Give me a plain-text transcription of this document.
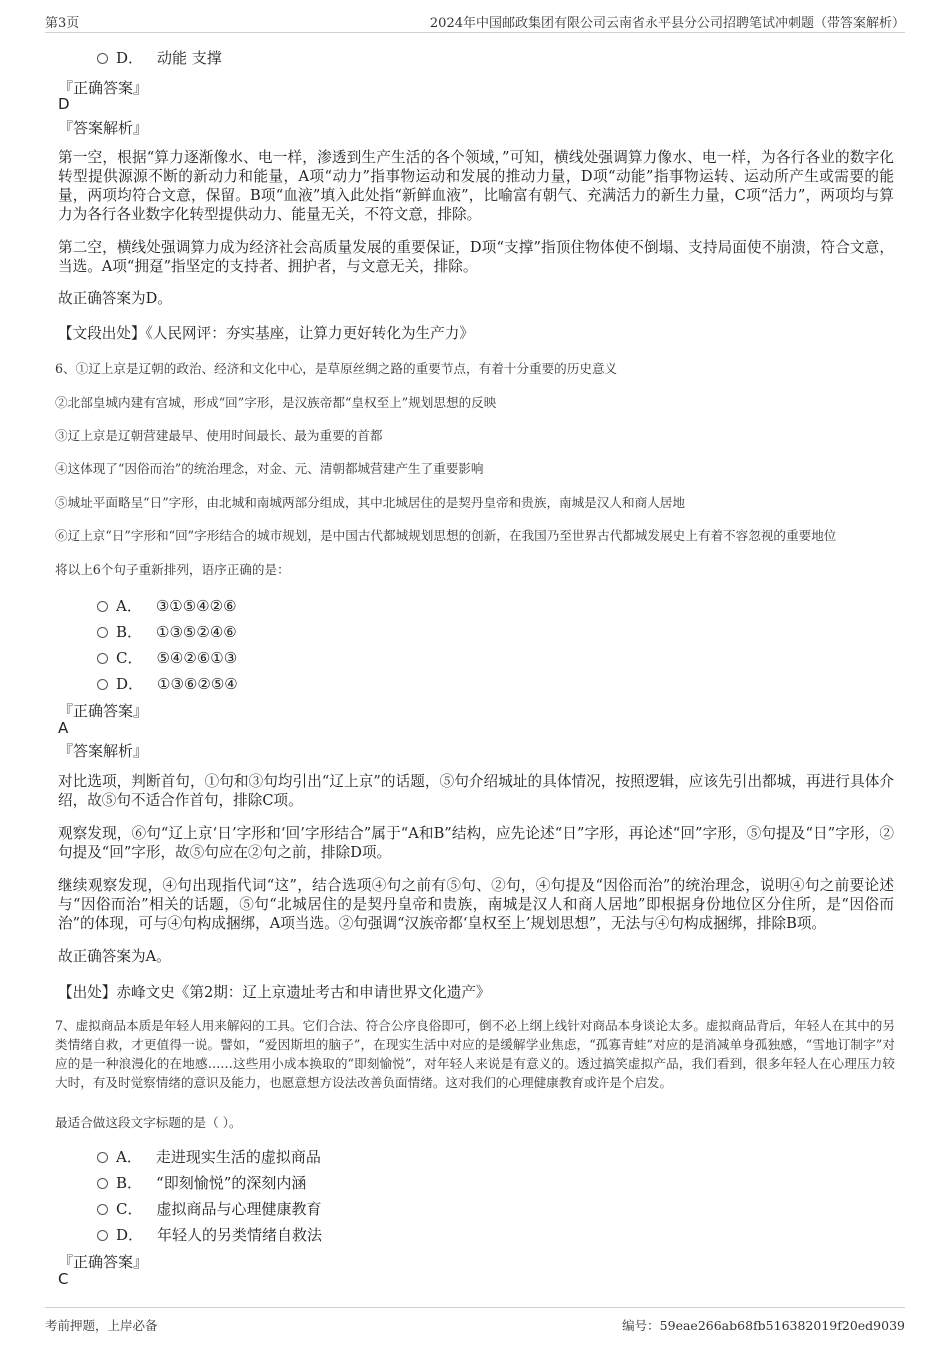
第3页	2024年中国邮政集团有限公司云南省永平县分公司招聘笔试冲刺题（带答案解析）
D． 动能 支撑
『正确答案』
D
『答案解析』
第一空，根据“算力逐渐像水、电一样，渗透到生产生活的各个领域，”可知，横线处强调算力像水、电一样，为各行各业的数字化转型提供源源不断的新动力和能量，A项“动力”指事物运动和发展的推动力量，D项“动能”指事物运转、运动所产生或需要的能量，两项均符合文意，保留。B项“血液”填入此处指“新鲜血液”，比喻富有朝气、充满活力的新生力量，C项“活力”，两项均与算力为各行各业数字化转型提供动力、能量无关，不符文意，排除。
第二空，横线处强调算力成为经济社会高质量发展的重要保证，D项“支撑”指顶住物体使不倒塌、支持局面使不崩溃，符合文意，当选。A项“拥趸”指坚定的支持者、拥护者，与文意无关，排除。
故正确答案为D。
【文段出处】《人民网评：夯实基座，让算力更好转化为生产力》
6、①辽上京是辽朝的政治、经济和文化中心，是草原丝绸之路的重要节点，有着十分重要的历史意义
②北部皇城内建有宫城，形成“回”字形，是汉族帝都“皇权至上”规划思想的反映
③辽上京是辽朝营建最早、使用时间最长、最为重要的首都
④这体现了“因俗而治”的统治理念，对金、元、清朝都城营建产生了重要影响
⑤城址平面略呈“日”字形，由北城和南城两部分组成，其中北城居住的是契丹皇帝和贵族，南城是汉人和商人居地
⑥辽上京“日”字形和“回”字形结合的城市规划，是中国古代都城规划思想的创新，在我国乃至世界古代都城发展史上有着不容忽视的重要地位
将以上6个句子重新排列，语序正确的是：
A． ③①⑤④②⑥
B． ①③⑤②④⑥
C． ⑤④②⑥①③
D． ①③⑥②⑤④
『正确答案』
A
『答案解析』
对比选项，判断首句，①句和③句均引出“辽上京”的话题，⑤句介绍城址的具体情况，按照逻辑，应该先引出都城，再进行具体介绍，故⑤句不适合作首句，排除C项。
观察发现，⑥句“辽上京‘日’字形和‘回’字形结合”属于“A和B”结构，应先论述“日”字形，再论述“回”字形，⑤句提及“日”字形，②句提及“回”字形，故⑤句应在②句之前，排除D项。
继续观察发现，④句出现指代词“这”，结合选项④句之前有⑤句、②句，④句提及“因俗而治”的统治理念，说明④句之前要论述与“因俗而治”相关的话题，⑤句“北城居住的是契丹皇帝和贵族，南城是汉人和商人居地”即根据身份地位区分住所，是“因俗而治”的体现，可与④句构成捆绑，A项当选。②句强调“汉族帝都‘皇权至上’规划思想”，无法与④句构成捆绑，排除B项。
故正确答案为A。
【出处】赤峰文史《第2期：辽上京遗址考古和申请世界文化遗产》
7、虚拟商品本质是年轻人用来解闷的工具。它们合法、符合公序良俗即可，倒不必上纲上线针对商品本身谈论太多。虚拟商品背后，年轻人在其中的另类情绪自救，才更值得一说。譬如，“爱因斯坦的脑子”，在现实生活中对应的是缓解学业焦虑，“孤寡青蛙”对应的是消减单身孤独感，“雪地订制字”对应的是一种浪漫化的在地感……这些用小成本换取的“即刻愉悦”，对年轻人来说是有意义的。透过搞笑虚拟产品，我们看到，很多年轻人在心理压力较大时，有及时觉察情绪的意识及能力，也愿意想方设法改善负面情绪。这对我们的心理健康教育或许是个启发。
最适合做这段文字标题的是（ ）。
A． 走进现实生活的虚拟商品
B． “即刻愉悦”的深刻内涵
C． 虚拟商品与心理健康教育
D． 年轻人的另类情绪自救法
『正确答案』
C
考前押题，上岸必备	编号：59eae266ab68fb516382019f20ed9039
